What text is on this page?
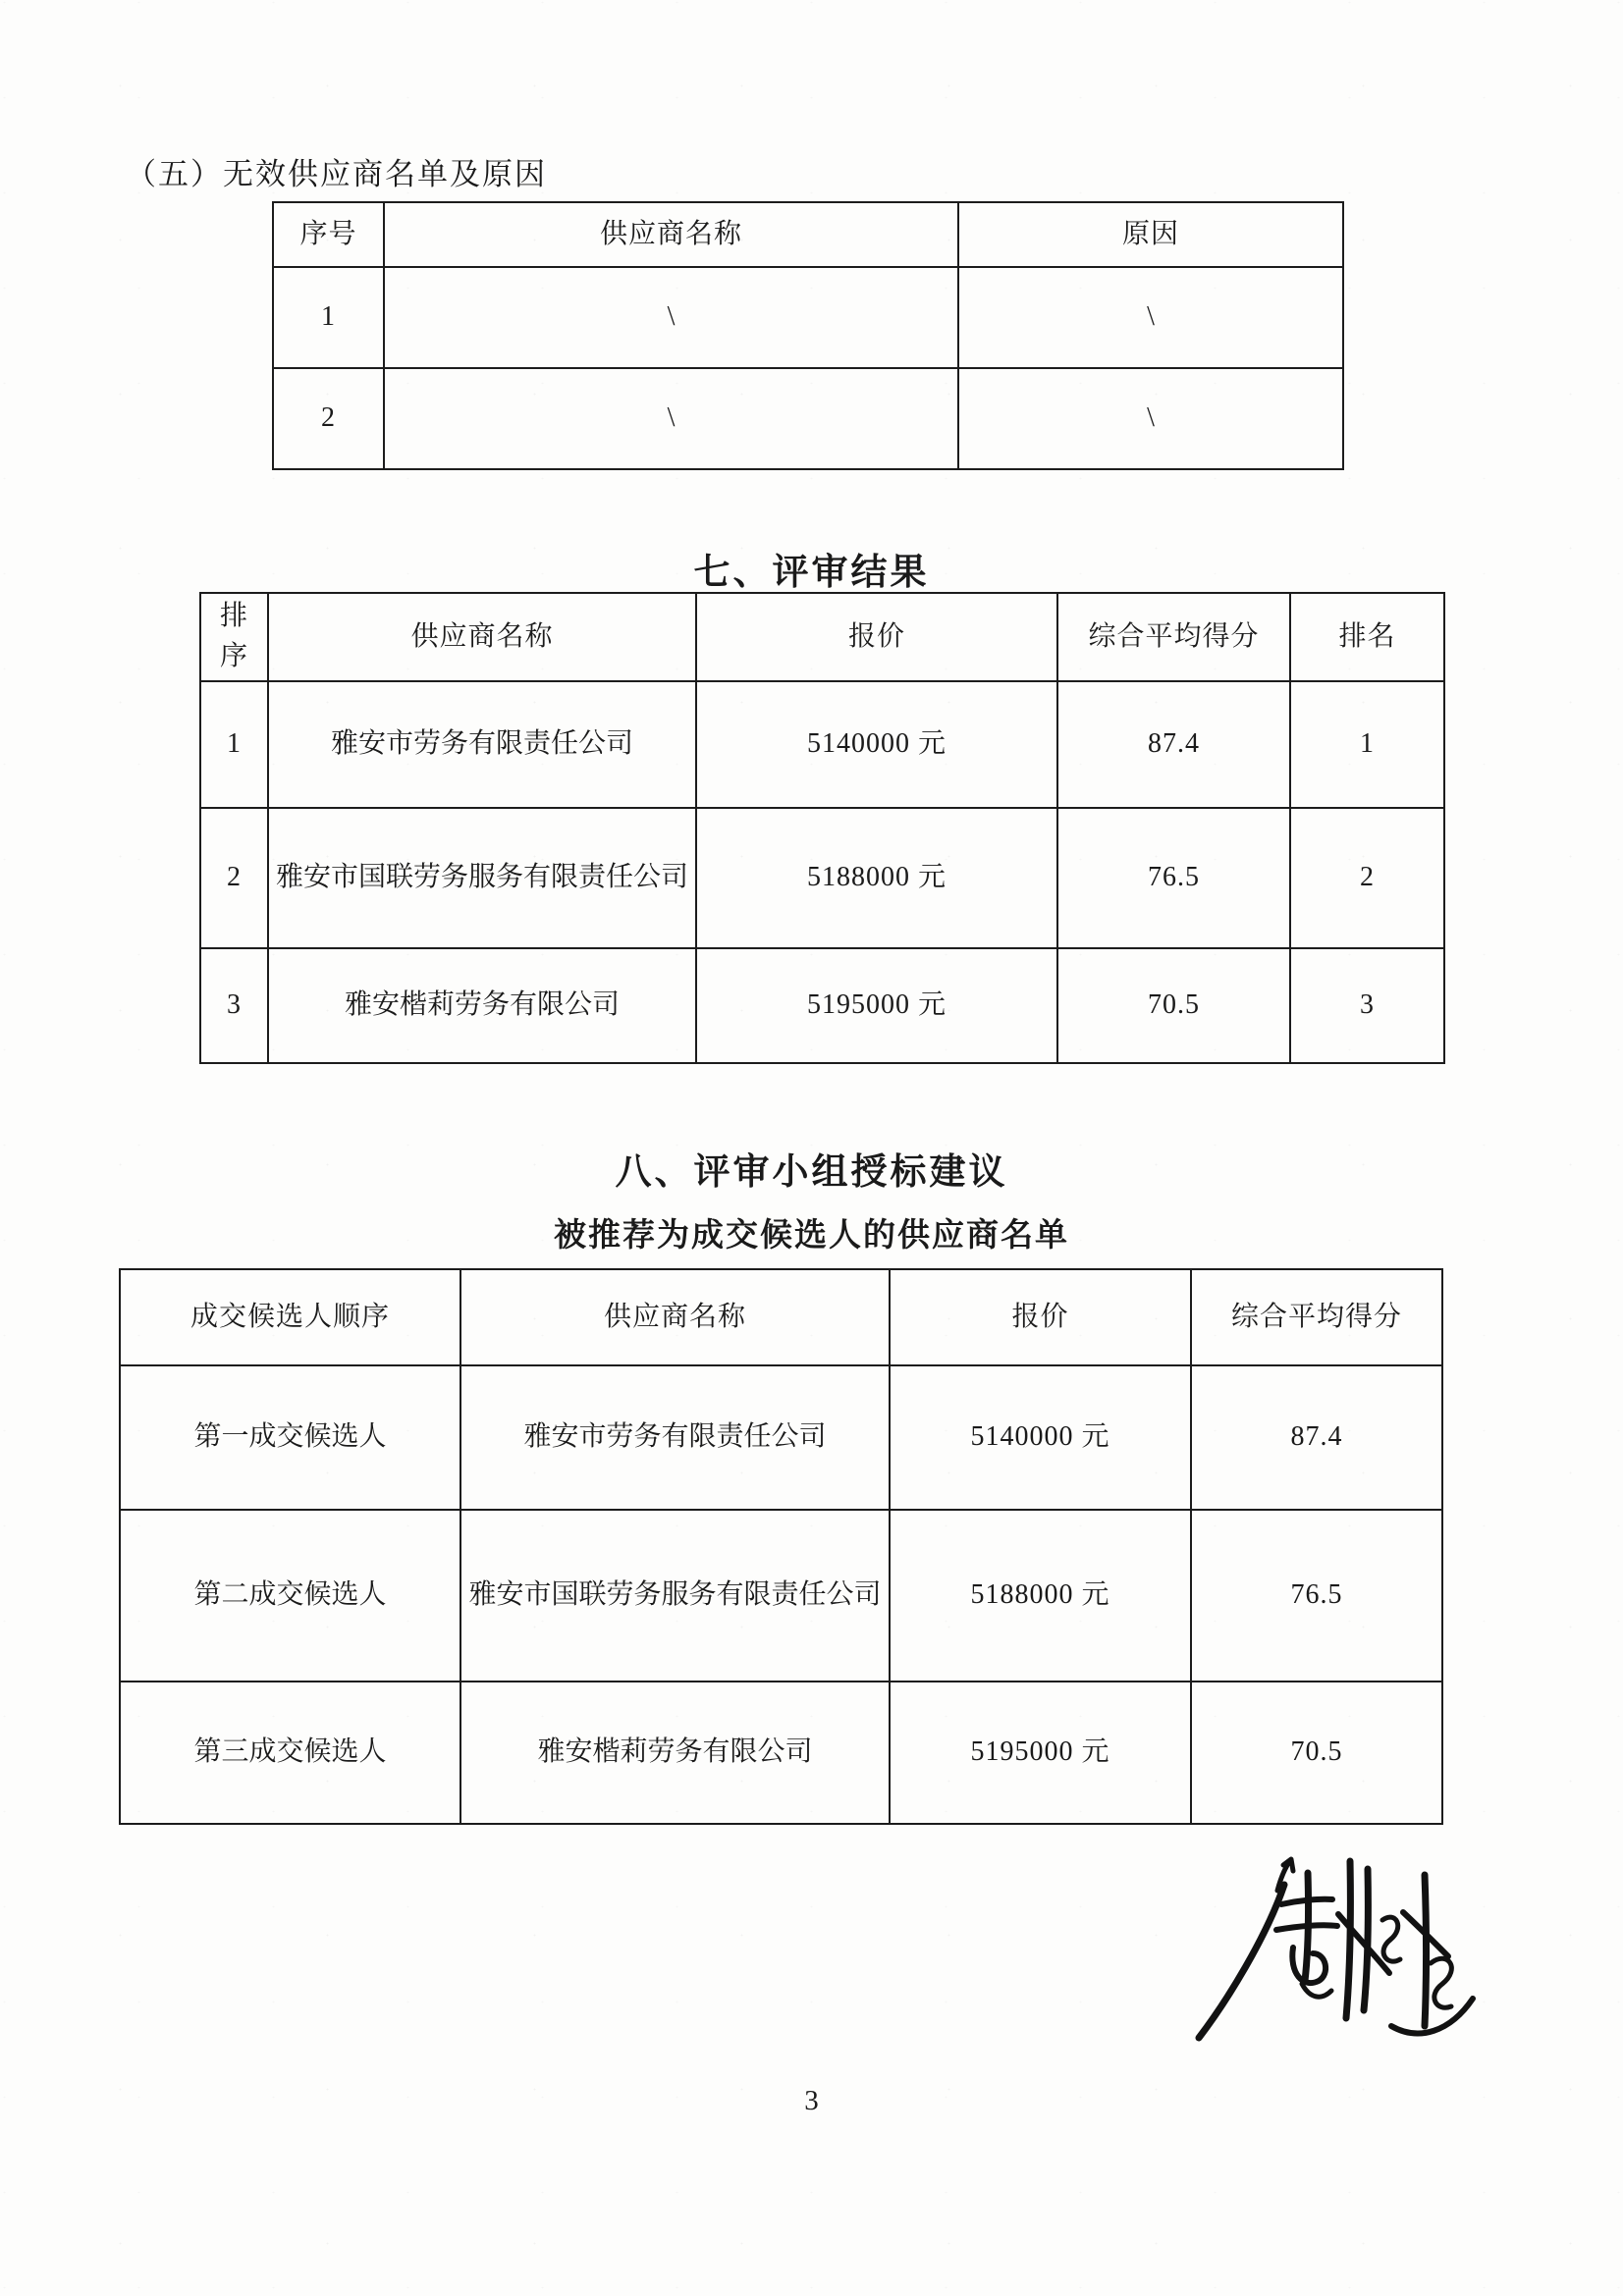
（五）无效供应商名单及原因
序号	供应商名称	原因
1	\	\
2	\	\
七、评审结果
排序	供应商名称	报价	综合平均得分	排名
1	雅安市劳务有限责任公司	5140000 元	87.4	1
2	雅安市国联劳务服务有限责任公司	5188000 元	76.5	2
3	雅安楷莉劳务有限公司	5195000 元	70.5	3
八、评审小组授标建议
被推荐为成交候选人的供应商名单
成交候选人顺序	供应商名称	报价	综合平均得分
第一成交候选人	雅安市劳务有限责任公司	5140000 元	87.4
第二成交候选人	雅安市国联劳务服务有限责任公司	5188000 元	76.5
第三成交候选人	雅安楷莉劳务有限公司	5195000 元	70.5
3
